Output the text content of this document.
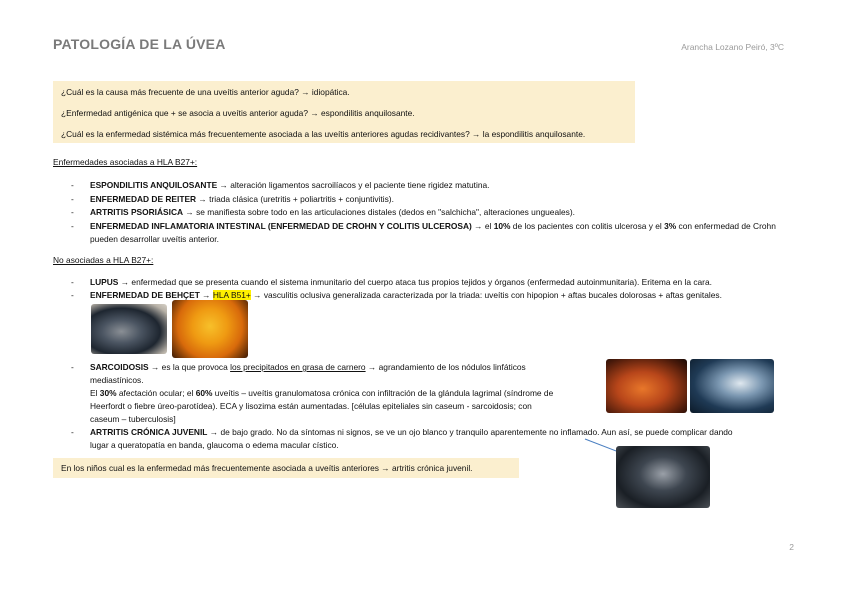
PATOLOGÍA DE LA ÚVEA	Arancha Lozano Peiró, 3ºC
¿Cuál es la causa más frecuente de una uveítis anterior aguda? → idiopática.
¿Enfermedad antigénica que + se asocia a uveítis anterior aguda? → espondilitis anquilosante.
¿Cuál es la enfermedad sistémica más frecuentemente asociada a las uveítis anteriores agudas recidivantes? → la espondilitis anquilosante.
Enfermedades asociadas a HLA B27+:
- ESPONDILITIS ANQUILOSANTE → alteración ligamentos sacroilíacos y el paciente tiene rigidez matutina.
- ENFERMEDAD DE REITER → triada clásica (uretritis + poliartritis + conjuntivitis).
- ARTRITIS PSORIÁSICA → se manifiesta sobre todo en las articulaciones distales (dedos en "salchicha", alteraciones ungueales).
- ENFERMEDAD INFLAMATORIA INTESTINAL (ENFERMEDAD DE CROHN Y COLITIS ULCEROSA) → el 10% de los pacientes con colitis ulcerosa y el 3% con enfermedad de Crohn
pueden desarrollar uveítis anterior.
No asociadas a HLA B27+:
- LUPUS → enfermedad que se presenta cuando el sistema inmunitario del cuerpo ataca tus propios tejidos y órganos (enfermedad autoinmunitaria). Eritema en la cara.
- ENFERMEDAD DE BEHÇET → HLA B51+ → vasculitis oclusiva generalizada caracterizada por la triada: uveítis con hipopion + aftas bucales dolorosas + aftas genitales.
- SARCOIDOSIS → es la que provoca los precipitados en grasa de carnero → agrandamiento de los nódulos linfáticos
mediastínicos.
El 30% afectación ocular; el 60% uveítis – uveítis granulomatosa crónica con infiltración de la glándula lagrimal (síndrome de
Heerfordt o fiebre úreo-parotídea). ECA y lisozima están aumentadas. [células epiteliales sin caseum - sarcoidosis; con
caseum – tuberculosis]
- ARTRITIS CRÓNICA JUVENIL → de bajo grado. No da síntomas ni signos, se ve un ojo blanco y tranquilo aparentemente no inflamado. Aun así, se puede complicar dando
lugar a queratopatía en banda, glaucoma o edema macular cístico.
En los niños cual es la enfermedad más frecuentemente asociada a uveítis anteriores → artritis crónica juvenil.
2
